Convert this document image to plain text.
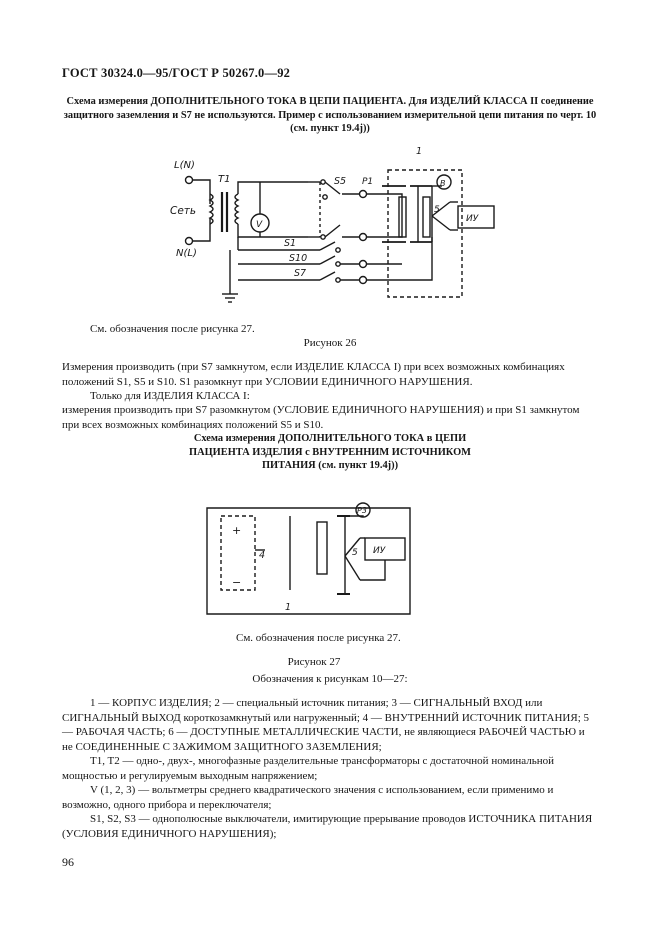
ГОСТ 30324.0—95/ГОСТ Р 50267.0—92
Схема измерения ДОПОЛНИТЕЛЬНОГО ТОКА В ЦЕПИ ПАЦИЕНТА. Для ИЗДЕЛИЙ КЛАССА II соединение защитного заземления и S7 не используются. Пример с использованием измерительной цепи питания по черт. 10 (см. пункт 19.4j))
L(N)
N(L)
Сеть
T1
V
S5
S1
S10
S7
P1	B
1
5
ИУ
См. обозначения после рисунка 27.
Рисунок 26
Измерения производить (при S7 замкнутом, если ИЗДЕЛИЕ КЛАССА I) при всех возможных комбинациях положений S1, S5 и S10. S1 разомкнут при УСЛОВИИ ЕДИНИЧНОГО НАРУШЕНИЯ.
Только для ИЗДЕЛИЯ КЛАССА I:
измерения производить при S7 разомкнутом (УСЛОВИЕ ЕДИНИЧНОГО НАРУШЕНИЯ) и при S1 замкнутом при всех возможных комбинациях положений S5 и S10.
Схема измерения ДОПОЛНИТЕЛЬНОГО ТОКА в ЦЕПИ ПАЦИЕНТА ИЗДЕЛИЯ с ВНУТРЕННИМ ИСТОЧНИКОМ ПИТАНИЯ (см. пункт 19.4j))
+
−
4
P3
5 ИУ
1
См. обозначения после рисунка 27.
Рисунок 27
Обозначения к рисункам 10—27:

1 — КОРПУС ИЗДЕЛИЯ; 2 — специальный источник питания; 3 — СИГНАЛЬНЫЙ ВХОД или СИГНАЛЬНЫЙ ВЫХОД короткозамкнутый или нагруженный; 4 — ВНУТРЕННИЙ ИСТОЧНИК ПИТАНИЯ; 5 — РАБОЧАЯ ЧАСТЬ; 6 — ДОСТУПНЫЕ МЕТАЛЛИЧЕСКИЕ ЧАСТИ, не являющиеся РАБОЧЕЙ ЧАСТЬЮ и не СОЕДИНЕННЫЕ С ЗАЖИМОМ ЗАЩИТНОГО ЗАЗЕМЛЕНИЯ;

T1, T2 — одно-, двух-, многофазные разделительные трансформаторы с достаточной номинальной мощностью и регулируемым выходным напряжением;

V (1, 2, 3) — вольтметры среднего квадратического значения с использованием, если применимо и возможно, одного прибора и переключателя;

S1, S2, S3 — однополюсные выключатели, имитирующие прерывание проводов ИСТОЧНИКА ПИТАНИЯ (УСЛОВИЯ ЕДИНИЧНОГО НАРУШЕНИЯ);

96
